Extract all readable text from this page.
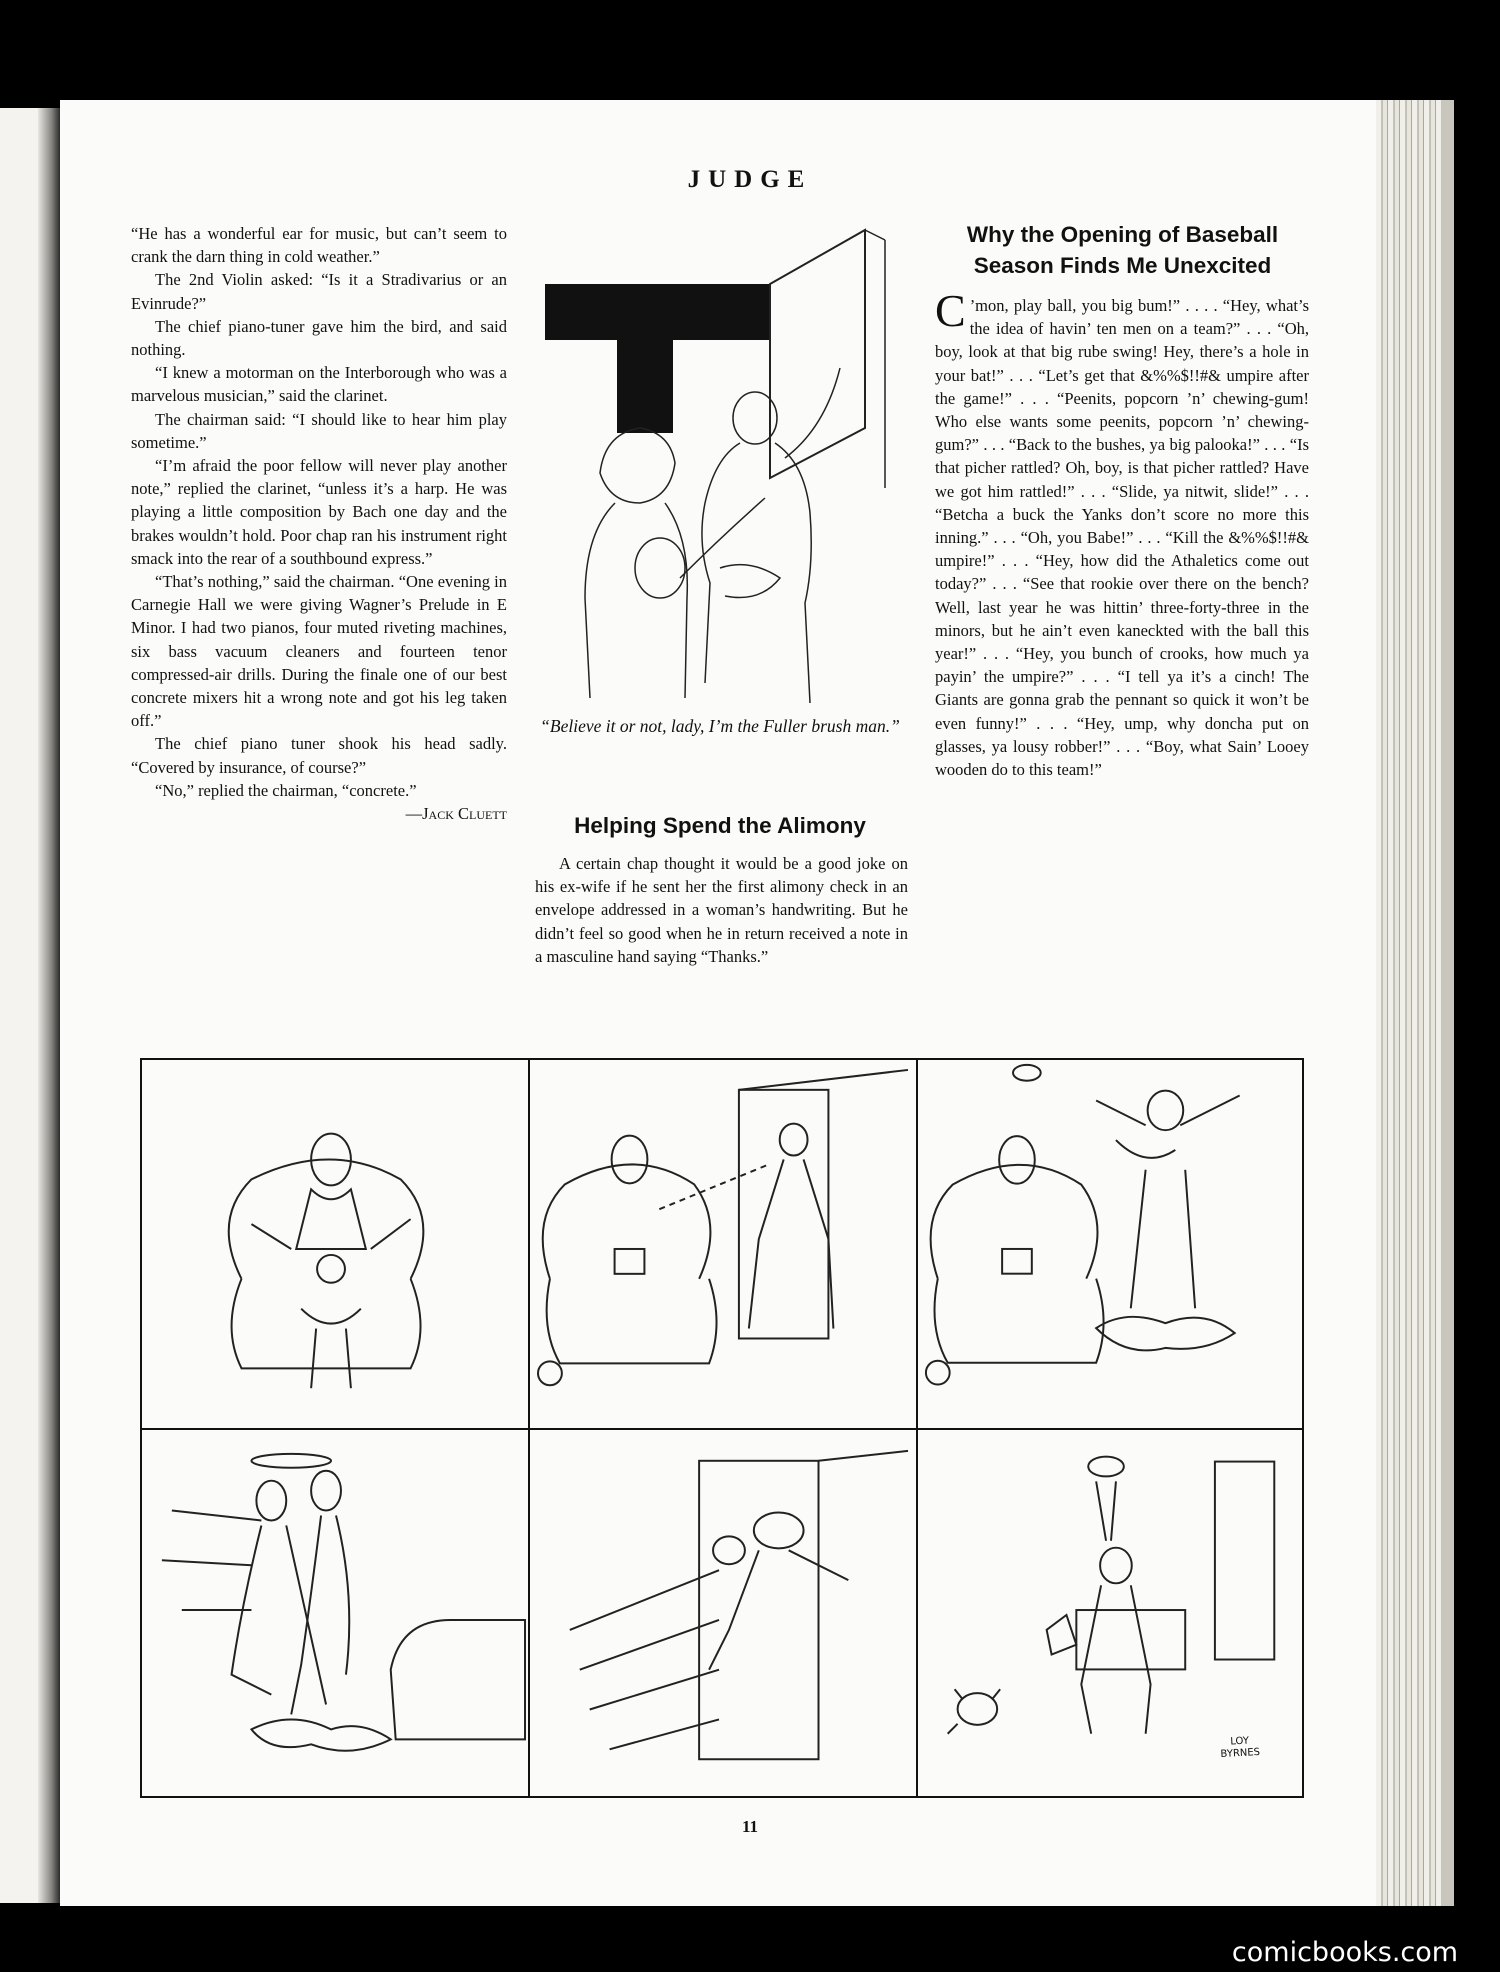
JUDGE

“He has a wonderful ear for music, but can’t seem to crank the darn thing in cold weather.”

The 2nd Violin asked: “Is it a Stradivarius or an Evinrude?”

The chief piano-tuner gave him the bird, and said nothing.

“I knew a motorman on the Interborough who was a marvelous musician,” said the clarinet.

The chairman said: “I should like to hear him play sometime.”

“I’m afraid the poor fellow will never play another note,” replied the clarinet, “unless it’s a harp. He was playing a little composition by Bach one day and the brakes wouldn’t hold. Poor chap ran his instrument right smack into the rear of a southbound express.”

“That’s nothing,” said the chairman. “One evening in Carnegie Hall we were giving Wagner’s Prelude in E Minor. I had two pianos, four muted riveting machines, six bass vacuum cleaners and fourteen tenor compressed-air drills. During the finale one of our best concrete mixers hit a wrong note and got his leg taken off.”

The chief piano tuner shook his head sadly. “Covered by insurance, of course?”

“No,” replied the chairman, “concrete.”

—Jack Cluett
“Believe it or not, lady, I’m the Fuller brush man.”
Helping Spend the Alimony

A certain chap thought it would be a good joke on his ex-wife if he sent her the first alimony check in an envelope addressed in a woman’s handwriting. But he didn’t feel so good when he in return received a note in a masculine hand saying “Thanks.”

Why the Opening of Baseball
Season Finds Me Unexcited

C ’mon, play ball, you big bum!” . . . . “Hey, what’s the idea of havin’ ten men on a team?” . . . “Oh, boy, look at that big rube swing! Hey, there’s a hole in your bat!” . . . “Let’s get that &%%$!!#& umpire after the game!” . . . “Peenits, popcorn ’n’ chewing-gum! Who else wants some peenits, popcorn ’n’ chewing-gum?” . . . “Back to the bushes, ya big palooka!” . . . “Is that picher rattled? Oh, boy, is that picher rattled? Have we got him rattled!” . . . “Slide, ya nitwit, slide!” . . . “Betcha a buck the Yanks don’t score no more this inning.” . . . “Oh, you Babe!” . . . “Kill the &%%$!!#& umpire!” . . . “Hey, how did the Athaletics come out today?” . . . “See that rookie over there on the bench? Well, last year he was hittin’ three-forty-three in the minors, but he ain’t even kaneckted with the ball this year!” . . . “Hey, you bunch of crooks, how much ya payin’ the umpire?” . . . “I tell ya it’s a cinch! The Giants are gonna grab the pennant so quick it won’t be even funny!” . . . “Hey, ump, why doncha put on glasses, ya lousy robber!” . . . “Boy, what Sain’ Looey wooden do to this team!”

LOY
BYRNES
11
comicbooks.com
